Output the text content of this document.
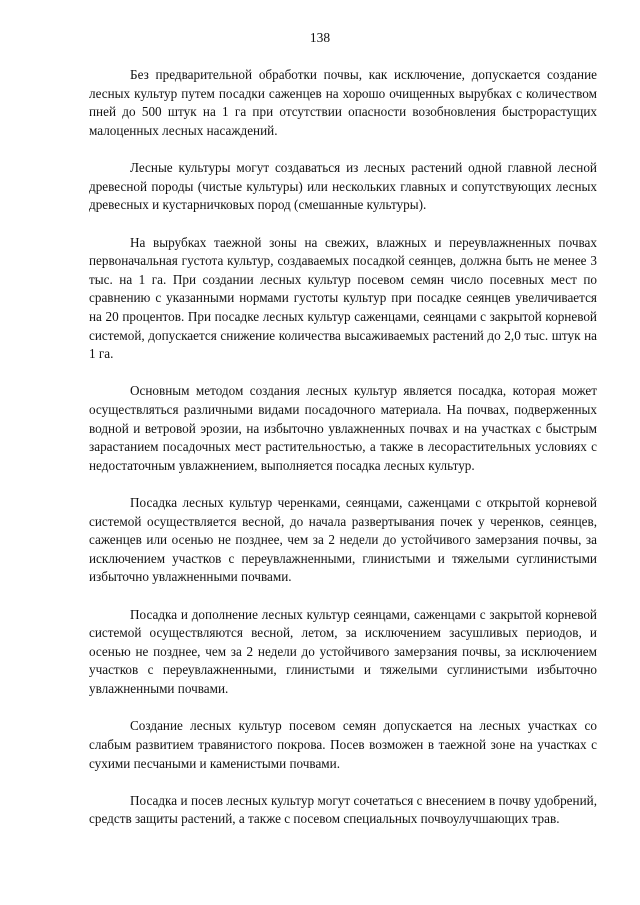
138

Без предварительной обработки почвы, как исключение, допускается создание лесных культур путем посадки саженцев на хорошо очищенных вырубках с количеством пней до 500 штук на 1 га при отсутствии опасности возобновления быстрорастущих малоценных лесных насаждений.

Лесные культуры могут создаваться из лесных растений одной главной лесной древесной породы (чистые культуры) или нескольких главных и сопутствующих лесных древесных и кустарничковых пород (смешанные культуры).

На вырубках таежной зоны на свежих, влажных и переувлажненных почвах первоначальная густота культур, создаваемых посадкой сеянцев, должна быть не менее 3 тыс. на 1 га. При создании лесных культур посевом семян число посевных мест по сравнению с указанными нормами густоты культур при посадке сеянцев увеличивается на 20 процентов. При посадке лесных культур саженцами, сеянцами с закрытой корневой системой, допускается снижение количества высаживаемых растений до 2,0 тыс. штук на 1 га.

Основным методом создания лесных культур является посадка, которая может осуществляться различными видами посадочного материала. На почвах, подверженных водной и ветровой эрозии, на избыточно увлажненных почвах и на участках с быстрым зарастанием посадочных мест растительностью, а также в лесорастительных условиях с недостаточным увлажнением, выполняется посадка лесных культур.

Посадка лесных культур черенками, сеянцами, саженцами с открытой корневой системой осуществляется весной, до начала развертывания почек у черенков, сеянцев, саженцев или осенью не позднее, чем за 2 недели до устойчивого замерзания почвы, за исключением участков с переувлажненными, глинистыми и тяжелыми суглинистыми избыточно увлажненными почвами.

Посадка и дополнение лесных культур сеянцами, саженцами с закрытой корневой системой осуществляются весной, летом, за исключением засушливых периодов, и осенью не позднее, чем за 2 недели до устойчивого замерзания почвы, за исключением участков с переувлажненными, глинистыми и тяжелыми суглинистыми избыточно увлажненными почвами.

Создание лесных культур посевом семян допускается на лесных участках со слабым развитием травянистого покрова. Посев возможен в таежной зоне на участках с сухими песчаными и каменистыми почвами.

Посадка и посев лесных культур могут сочетаться с внесением в почву удобрений, средств защиты растений, а также с посевом специальных почвоулучшающих трав.
